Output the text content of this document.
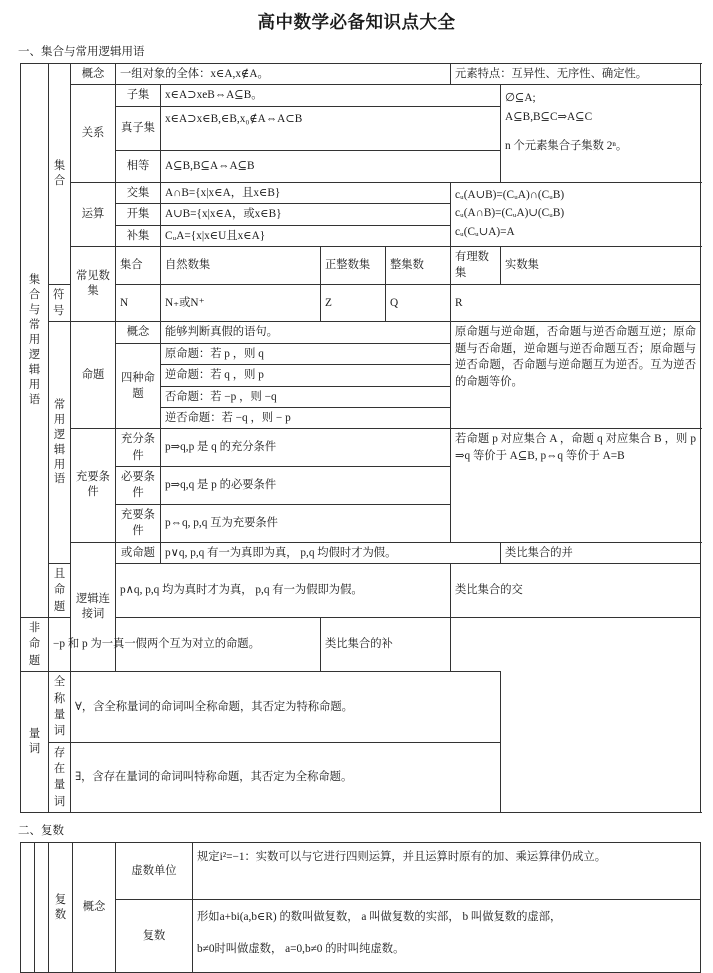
高中数学必备知识点大全
一、集合与常用逻辑用语
集合与常用逻辑用语	集合	概念	一组对象的全体：x∈A,x∉A。				元素特点：互异性、无序性、确定性。	
		关系	子集	x∈A⊃xeB⇔A⊆B。				∅⊆A;
A⊆B,B⊆C⇒A⊆C
n 个元素集合子集数 2ⁿ。

			真子集	x∈A⊃x∈B,∈B,x₀∉A⇔A⊂B				
			相等	A⊆B,B⊆A⇔A⊆B				
		运算	交集	A∩B={x|x∈A，且x∈B}			cᵤ(A∪B)=(CᵤA)∩(CᵤB)
cᵤ(A∩B)=(CᵤA)∪(CᵤB)
cᵤ(Cᵤ∪A)=A	

			开集	A∪B={x|x∈A，或x∈B}				
			补集	CᵤA={x|x∈U且x∈A}				

		常见数集	集合	自然数集	正整数集	整集数	有理数集	实数集
	符号		N	N₊或N⁺	Z	Q	R	

	常用逻辑用语	命题	概念	能够判断真假的语句。			原命题与逆命题，否命题与逆否命题互逆；原命题与否命题，逆命题与逆否命题互否；原命题与逆否命题，否命题与逆命题互为逆否。互为逆否的命题等价。	
			四种命题	原命题：若 p ，则 q				
				逆命题：若 q ，则 p				
				否命题：若 −p ，则 −q				
				逆否命题：若 −q ，则 − p				

		充要条件	充分条件	p⇒q,p 是 q 的充分条件			若命题 p 对应集合 A ，命题 q 对应集合 B ，则 p⇒q 等价于 A⊆B, p⇔q 等价于 A=B	
			必要条件	p⇒q,q 是 p 的必要条件				
			充要条件	p⇔q, p,q 互为充要条件				

		逻辑连接词	或命题	p∨q, p,q 有一为真即为真， p,q 均假时才为假。				类比集合的并
	且命题		p∧q, p,q 均为真时才为真， p,q 有一为假即为假。				类比集合的交	
非命题	−p 和 p 为一真一假两个互为对立的命题。				类比集合的补			

量词	全称量词	∀，含全称量词的命词叫全称命题，其否定为特称命题。						
	存在量词	∃，含存在量词的命词叫特称命题，其否定为全称命题。						
二、复数

		复数	概念	虚数单位	规定i²=−1：实数可以与它进行四则运算，并且运算时原有的加、乘运算律仍成立。
				复数	形如a+bi(a,b∈R) 的数叫做复数， a 叫做复数的实部， b 叫做复数的虚部，
b≠0时叫做虚数， a=0,b≠0 的时叫纯虚数。
